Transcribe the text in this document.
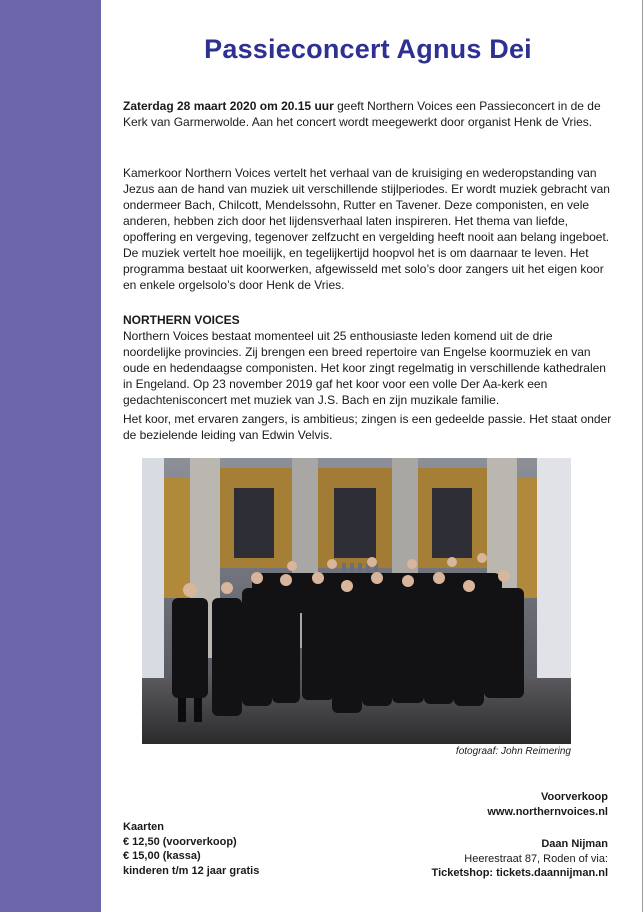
Passieconcert Agnus Dei

Zaterdag 28 maart 2020 om 20.15 uur geeft Northern Voices een Passieconcert in de de Kerk van Garmerwolde. Aan het concert wordt meegewerkt door organist Henk de Vries.

Kamerkoor Northern Voices vertelt het verhaal van de kruisiging en wederopstanding van Jezus aan de hand van muziek uit verschillende stijlperiodes. Er wordt muziek gebracht van ondermeer Bach, Chilcott, Mendelssohn, Rutter en Tavener. Deze componisten, en vele anderen, hebben zich door het lijdensverhaal laten inspireren. Het thema van liefde, opoffering en vergeving, tegenover zelfzucht en vergelding heeft nooit aan belang ingeboet. De muziek vertelt hoe moeilijk, en tegelijkertijd hoopvol het is om daarnaar te leven. Het programma bestaat uit koorwerken, afgewisseld met solo’s door zangers uit het eigen koor en enkele orgelsolo’s door Henk de Vries.

NORTHERN VOICES

Northern Voices bestaat momenteel uit 25 enthousiaste leden komend uit de drie noordelijke provincies. Zij brengen een breed repertoire van Engelse koormuziek en van oude en hedendaagse componisten. Het koor zingt regelmatig in verschillende kathedralen in Engeland. Op 23 november 2019 gaf het koor voor een volle Der Aa-kerk een gedachtenisconcert met muziek van J.S. Bach en zijn muzikale familie.

Het koor, met ervaren zangers, is ambitieus; zingen is een gedeelde passie. Het staat onder de bezielende leiding van Edwin Velvis.

fotograaf: John Reimering
Kaarten
€ 12,50 (voorverkoop)
€ 15,00 (kassa)
kinderen t/m 12 jaar gratis
Voorverkoop
www.northernvoices.nl
Daan Nijman
Heerestraat 87, Roden of via:
Ticketshop: tickets.daannijman.nl
